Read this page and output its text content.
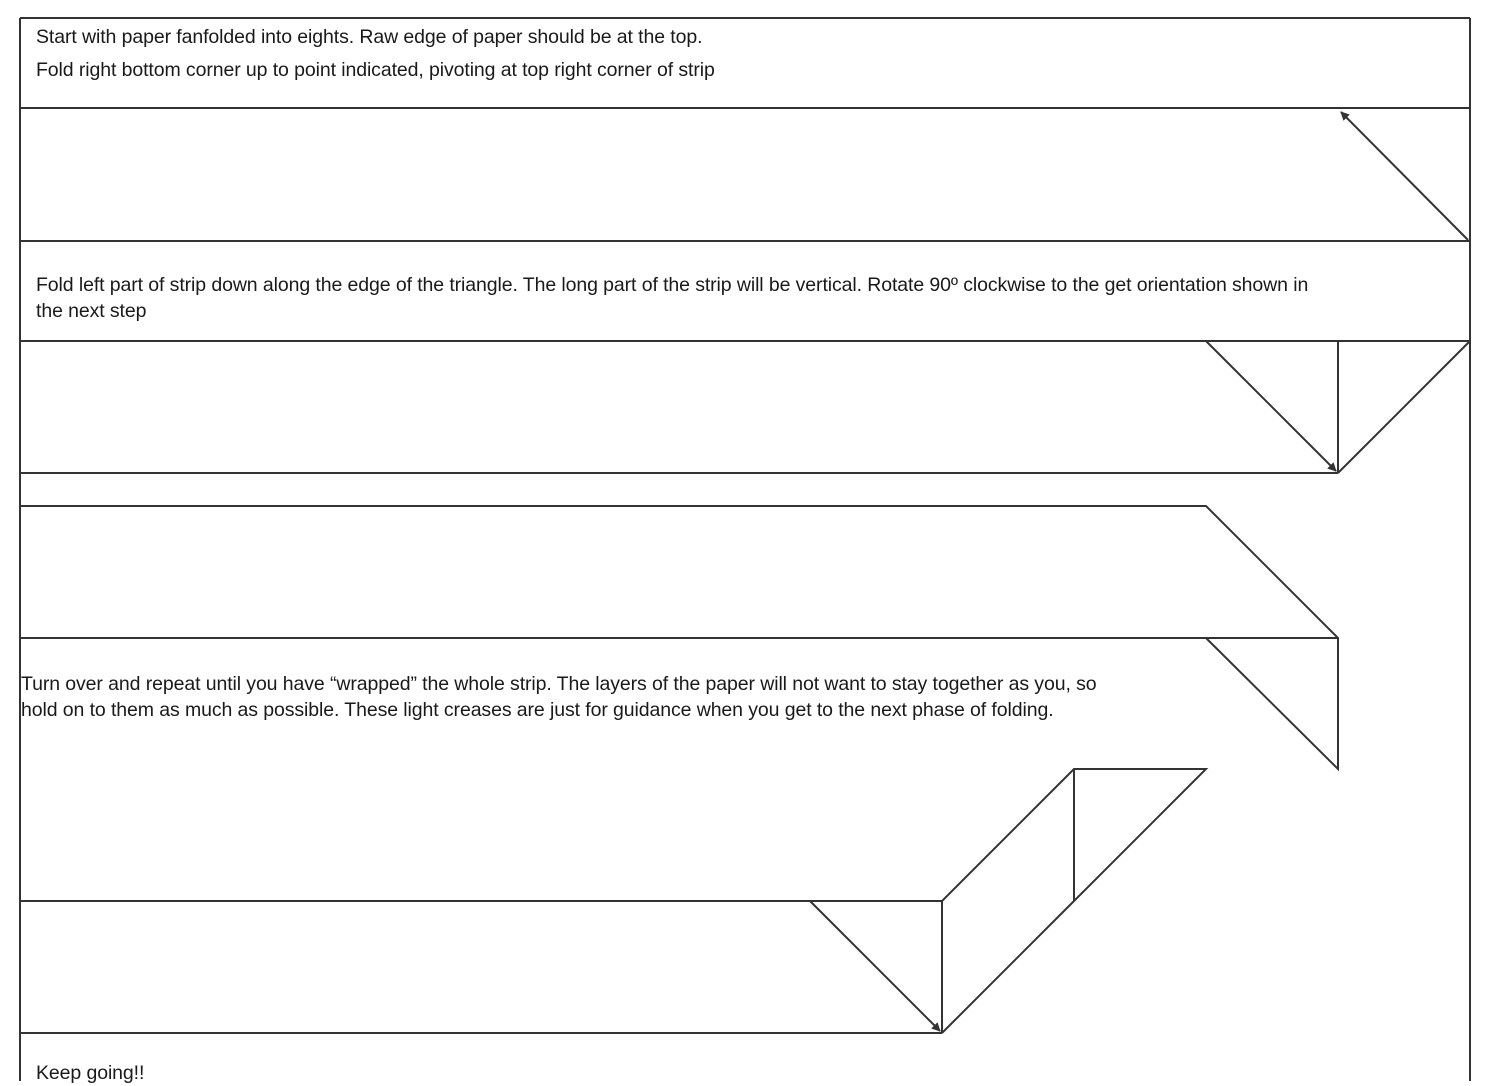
Start with paper fanfolded into eights. Raw edge of paper should be at the top.
Fold right bottom corner up to point indicated, pivoting at top right corner of strip
Fold left part of strip down along the edge of the triangle. The long part of the strip will be vertical. Rotate 90º clockwise to the get orientation shown in
the next step
Turn over and repeat until you have “wrapped” the whole strip. The layers of the paper will not want to stay together as you, so
hold on to them as much as possible. These light creases are just for guidance when you get to the next phase of folding.
Keep going!!
